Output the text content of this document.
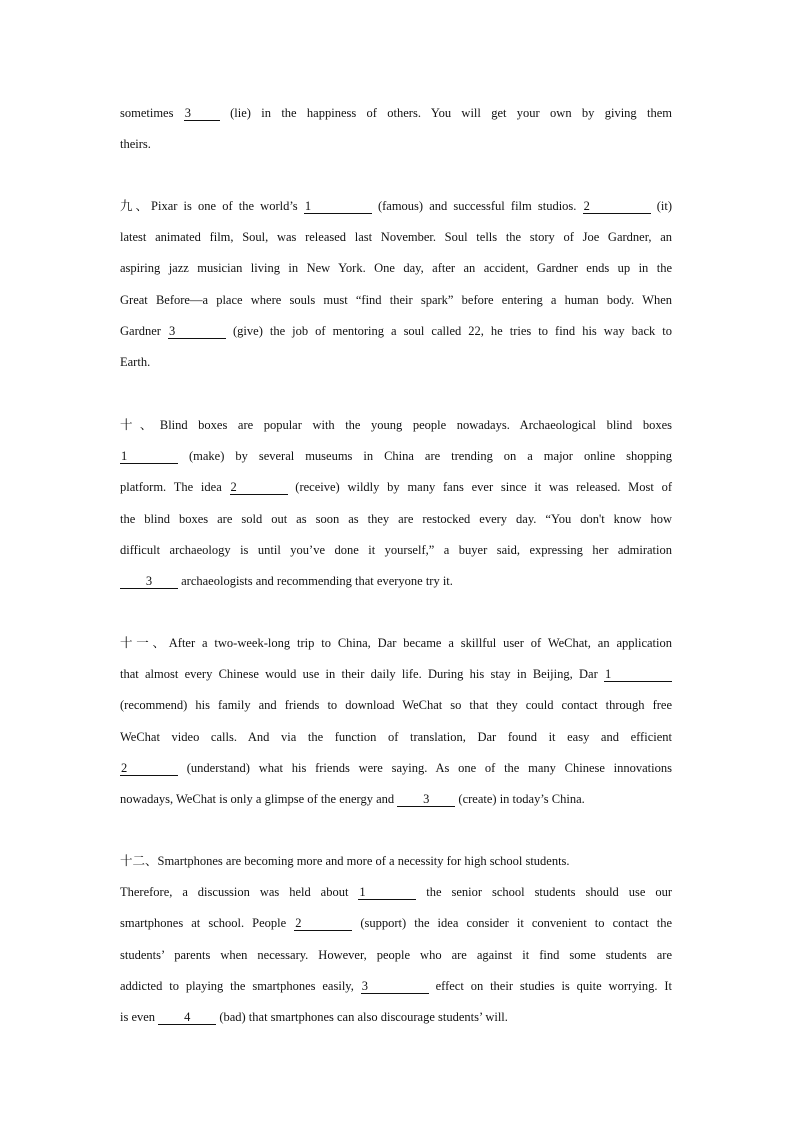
sometimes 3 (lie) in the happiness of others. You will get your own by giving them
theirs.
九、Pixar is one of the world’s 1	(famous) and successful film studios. 2	(it)
latest animated film, Soul, was released last November. Soul tells the story of Joe Gardner, an
aspiring jazz musician living in New York. One day, after an accident, Gardner ends up in the
Great Before—a place where souls must “find their spark” before entering a human body. When
Gardner 3	(give) the job of mentoring a soul called 22, he tries to find his way back to
Earth.
十、Blind boxes are popular with the young people nowadays. Archaeological blind boxes
1	(make) by several museums in China are trending on a major online shopping
platform. The idea 2	(receive) wildly by many fans ever since it was released. Most of
the blind boxes are sold out as soon as they are restocked every day. “You don't know how
difficult archaeology is until you’ve done it yourself,” a buyer said, expressing her admiration
3 archaeologists and recommending that everyone try it.
十一、After a two-week-long trip to China, Dar became a skillful user of WeChat, an application
that almost every Chinese would use in their daily life. During his stay in Beijing, Dar 1
(recommend) his family and friends to download WeChat so that they could contact through free
WeChat video calls. And via the function of translation, Dar found it easy and efficient
2	(understand) what his friends were saying. As one of the many Chinese innovations
nowadays, WeChat is only a glimpse of the energy and 3 (create) in today’s China.
十二、Smartphones are becoming more and more of a necessity for high school students.
Therefore, a discussion was held about 1	the senior school students should use our
smartphones at school. People 2	(support) the idea consider it convenient to contact the
students’ parents when necessary. However, people who are against it find some students are
addicted to playing the smartphones easily, 3	effect on their studies is quite worrying. It
is even 4 (bad) that smartphones can also discourage students’ will.
